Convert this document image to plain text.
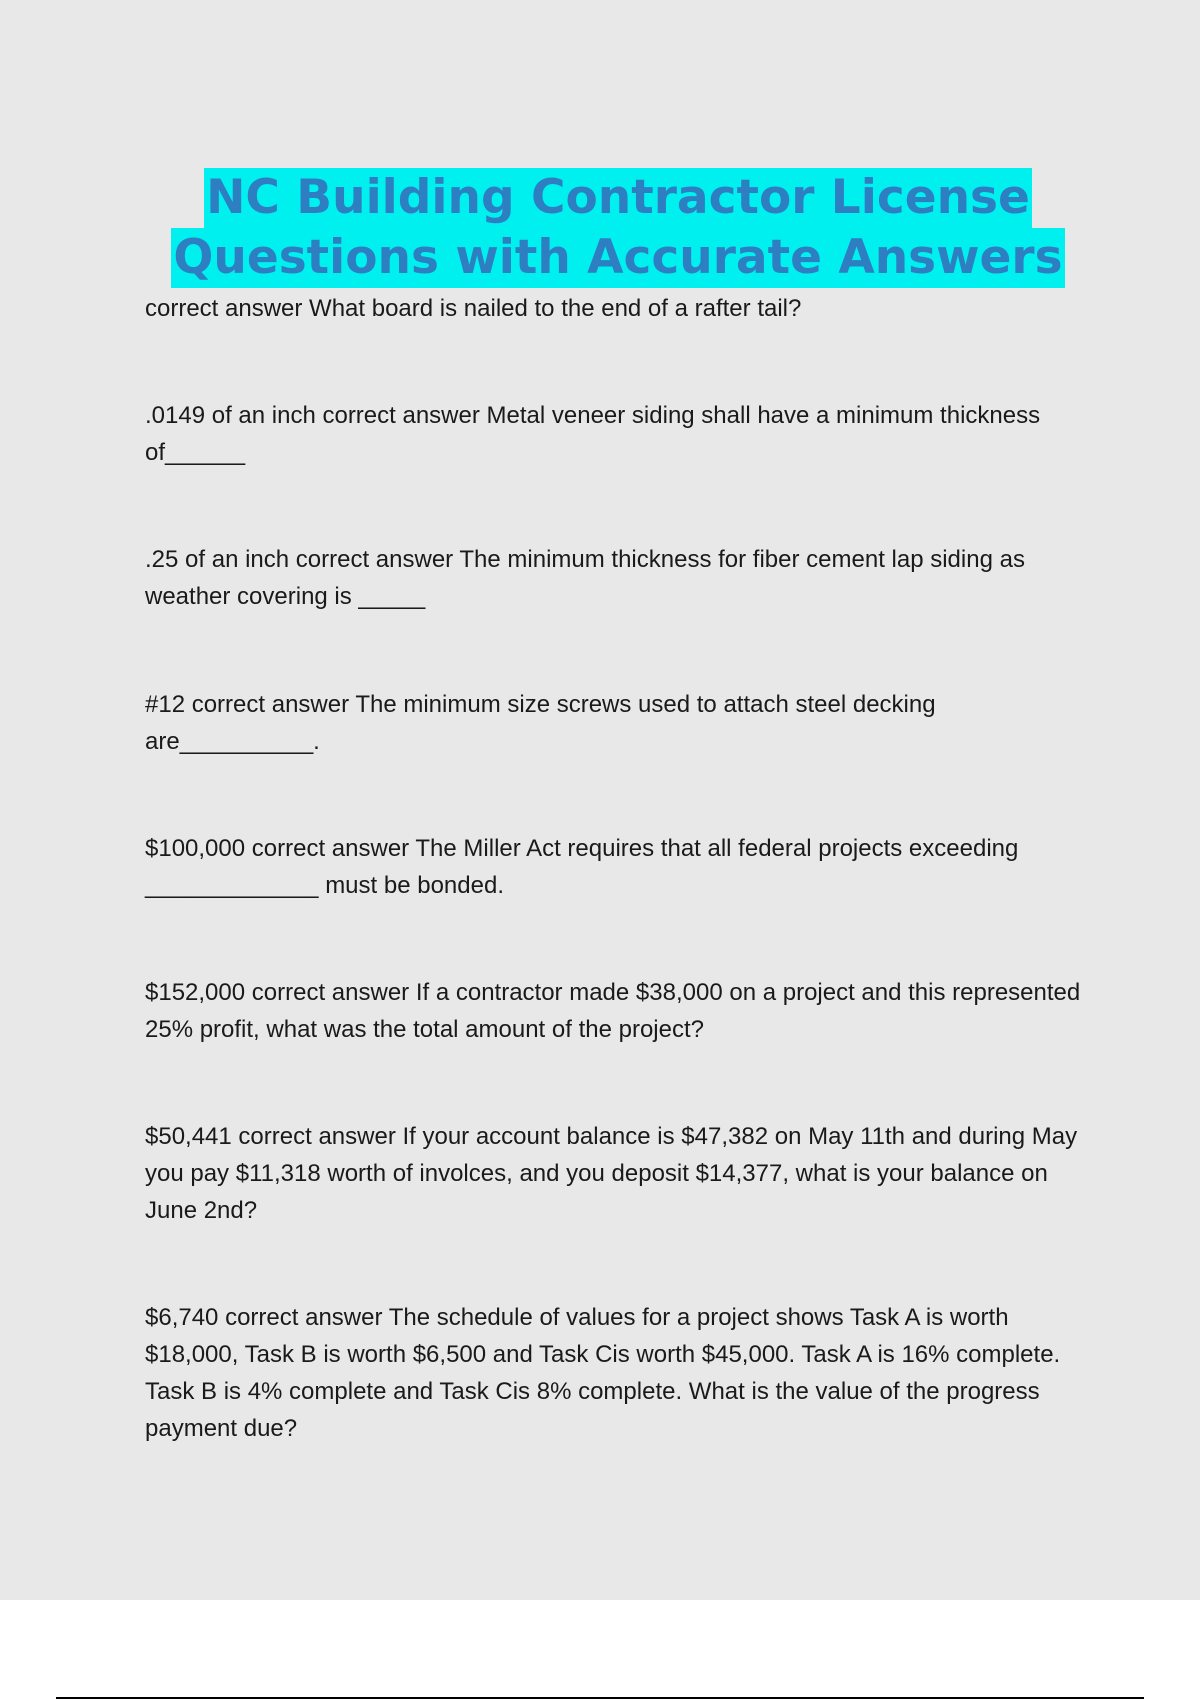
NC Building Contractor License
Questions with Accurate Answers
correct answer What board is nailed to the end of a rafter tail?

.0149 of an inch correct answer Metal veneer siding shall have a minimum thickness of______

.25 of an inch correct answer The minimum thickness for fiber cement lap siding as weather covering is _____

#12 correct answer The minimum size screws used to attach steel decking are__________.

$100,000 correct answer The Miller Act requires that all federal projects exceeding _____________ must be bonded.

$152,000 correct answer If a contractor made $38,000 on a project and this represented 25% profit, what was the total amount of the project?

$50,441 correct answer If your account balance is $47,382 on May 11th and during May you pay $11,318 worth of involces, and you deposit $14,377, what is your balance on June 2nd?

$6,740 correct answer The schedule of values for a project shows Task A is worth $18,000, Task B is worth $6,500 and Task Cis worth $45,000. Task A is 16% complete. Task B is 4% complete and Task Cis 8% complete. What is the value of the progress payment due?
